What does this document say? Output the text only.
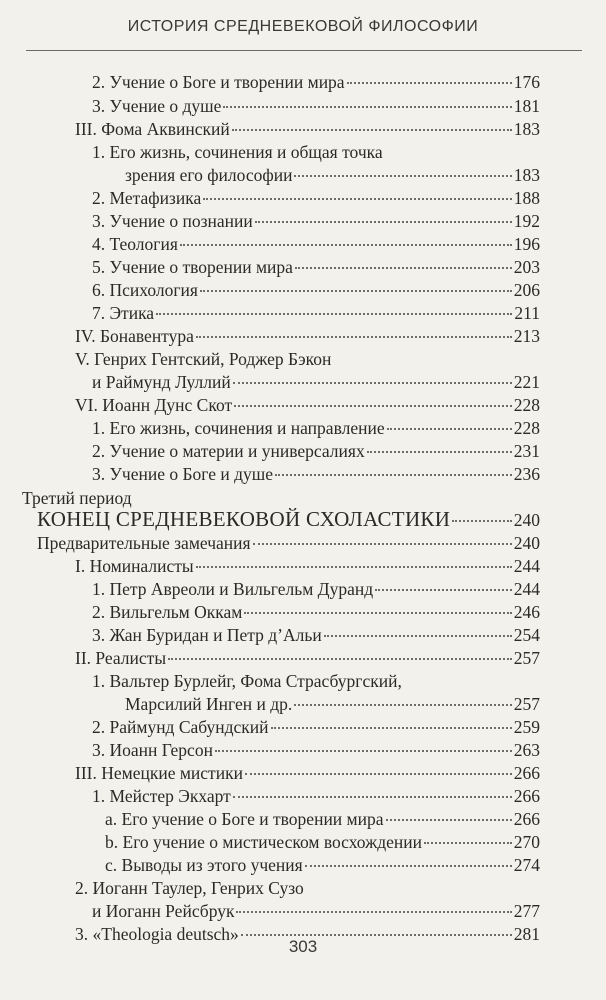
ИСТОРИЯ СРЕДНЕВЕКОВОЙ ФИЛОСОФИИ
2. Учение о Боге и творении мира	176
3. Учение о душе	181
III. Фома Аквинский	183
1. Его жизнь, сочинения и общая точка
зрения его философии	183
2. Метафизика	188
3. Учение о познании	192
4. Теология	196
5. Учение о творении мира	203
6. Психология	206
7. Этика	211
IV. Бонавентура	213
V. Генрих Гентский, Роджер Бэкон
и Раймунд Луллий	221
VI. Иоанн Дунс Скот	228
1. Его жизнь, сочинения и направление	228
2. Учение о материи и универсалиях	231
3. Учение о Боге и душе	236
Третий период
КОНЕЦ СРЕДНЕВЕКОВОЙ СХОЛАСТИКИ	240
Предварительные замечания	240
I. Номиналисты	244
1. Петр Авреоли и Вильгельм Дуранд	244
2. Вильгельм Оккам	246
3. Жан Буридан и Петр д’Альи	254
II. Реалисты	257
1. Вальтер Бурлейг, Фома Страсбургский,
Марсилий Инген и др.	257
2. Раймунд Сабундский	259
3. Иоанн Герсон	263
III. Немецкие мистики	266
1. Мейстер Экхарт	266
a. Его учение о Боге и творении мира	266
b. Его учение о мистическом восхождении	270
c. Выводы из этого учения	274
2. Иоганн Таулер, Генрих Сузо
и Иоганн Рейсбрук	277
3. «Theologia deutsch»	281
303
